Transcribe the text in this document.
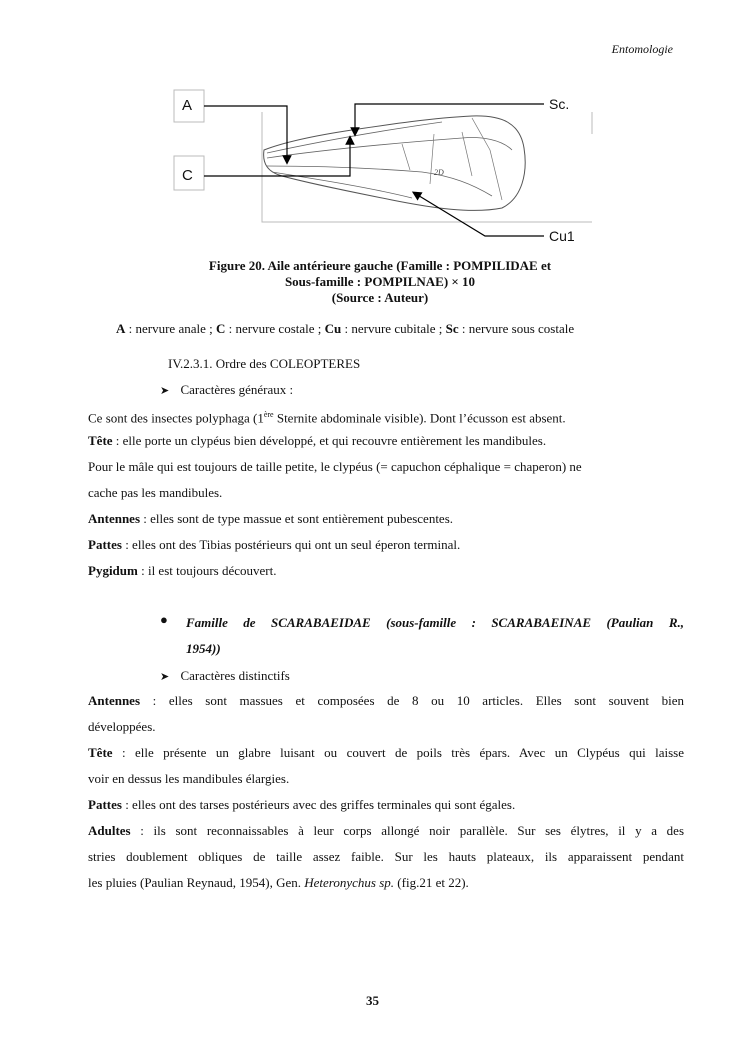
Entomologie
2D
A
C
Sc.
Cu1
Figure 20. Aile antérieure gauche (Famille : POMPILIDAE et
Sous-famille : POMPILNAE) × 10
(Source : Auteur)
A : nervure anale ; C : nervure costale ; Cu : nervure cubitale ; Sc : nervure sous costale
IV.2.3.1. Ordre des COLEOPTERES
➤ Caractères généraux :
Ce sont des insectes polyphaga (1ère Sternite abdominale visible). Dont l’écusson est absent.
Tête : elle porte un clypéus bien développé, et qui recouvre entièrement les mandibules.
Pour le mâle qui est toujours de taille petite, le clypéus (= capuchon céphalique = chaperon) ne
cache pas les mandibules.
Antennes : elles sont de type massue et sont entièrement pubescentes.
Pattes : elles ont des Tibias postérieurs qui ont un seul éperon terminal.
Pygidum : il est toujours découvert.
● Famille de SCARABAEIDAE (sous-famille : SCARABAEINAE (Paulian R.,
1954))
➤ Caractères distinctifs
Antennes : elles sont massues et composées de 8 ou 10 articles. Elles sont souvent bien
développées.
Tête : elle présente un glabre luisant ou couvert de poils très épars. Avec un Clypéus qui laisse
voir en dessus les mandibules élargies.
Pattes : elles ont des tarses postérieurs avec des griffes terminales qui sont égales.
Adultes : ils sont reconnaissables à leur corps allongé noir parallèle. Sur ses élytres, il y a des
stries doublement obliques de taille assez faible. Sur les hauts plateaux, ils apparaissent pendant
les pluies (Paulian Reynaud, 1954), Gen. Heteronychus sp. (fig.21 et 22).
35
